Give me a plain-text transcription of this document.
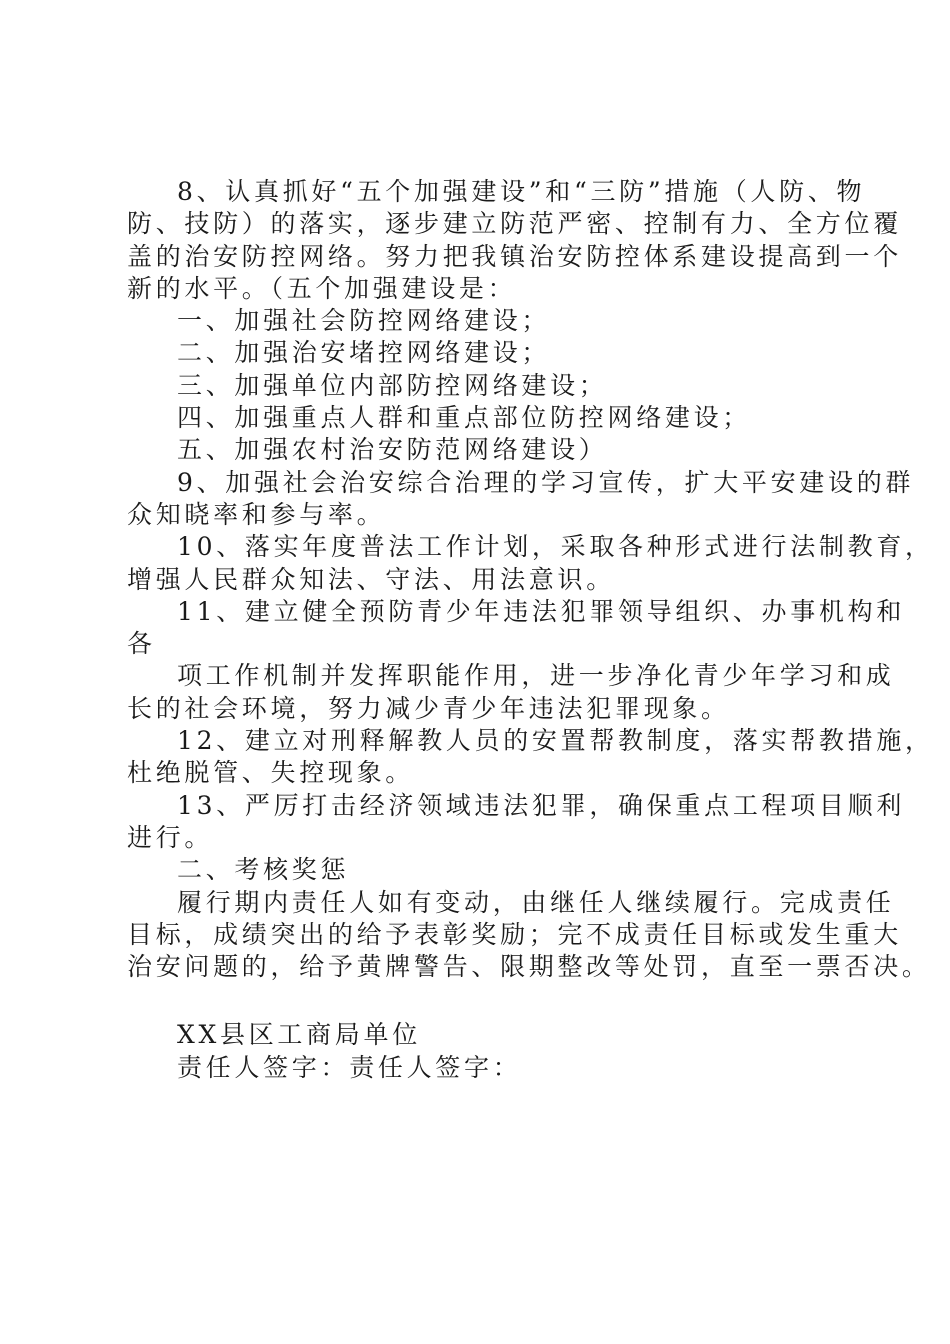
8、认真抓好“五个加强建设”和“三防”措施（人防、物
防、技防）的落实，逐步建立防范严密、控制有力、全方位覆
盖的治安防控网络。努力把我镇治安防控体系建设提高到一个
新的水平。（五个加强建设是：
一、加强社会防控网络建设；
二、加强治安堵控网络建设；
三、加强单位内部防控网络建设；
四、加强重点人群和重点部位防控网络建设；
五、加强农村治安防范网络建设）
9、加强社会治安综合治理的学习宣传，扩大平安建设的群
众知晓率和参与率。
10、落实年度普法工作计划，采取各种形式进行法制教育，
增强人民群众知法、守法、用法意识。
11、建立健全预防青少年违法犯罪领导组织、办事机构和
各
项工作机制并发挥职能作用，进一步净化青少年学习和成
长的社会环境，努力减少青少年违法犯罪现象。
12、建立对刑释解教人员的安置帮教制度，落实帮教措施，
杜绝脱管、失控现象。
13、严厉打击经济领域违法犯罪，确保重点工程项目顺利
进行。
二、考核奖惩
履行期内责任人如有变动，由继任人继续履行。完成责任
目标，成绩突出的给予表彰奖励；完不成责任目标或发生重大
治安问题的，给予黄牌警告、限期整改等处罚，直至一票否决。
XX县区工商局单位
责任人签字：责任人签字：
